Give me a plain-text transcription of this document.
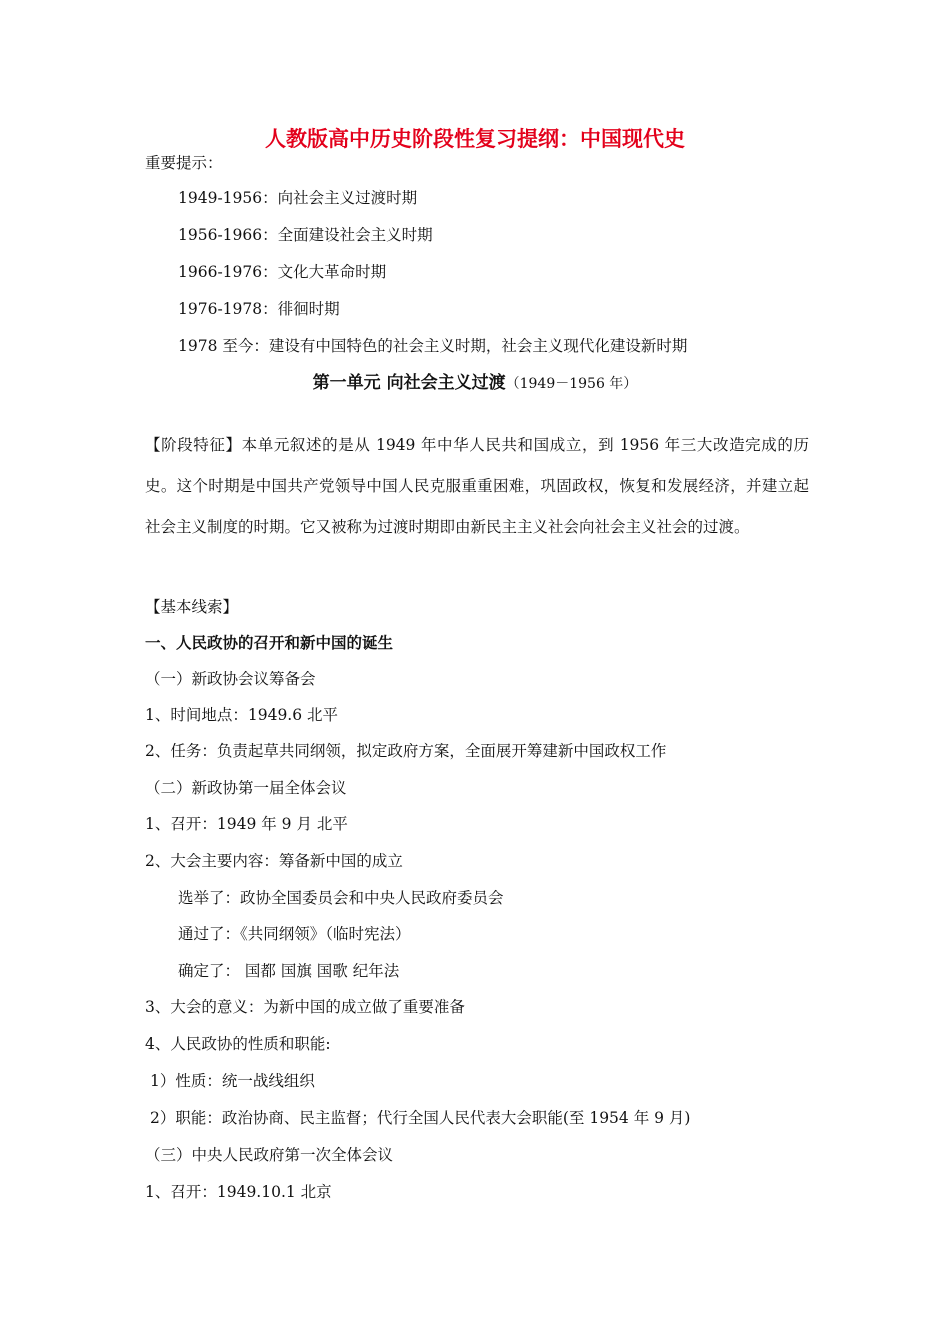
人教版高中历史阶段性复习提纲：中国现代史
重要提示：
1949-1956：向社会主义过渡时期
1956-1966：全面建设社会主义时期
1966-1976：文化大革命时期
1976-1978：徘徊时期
1978 至今：建设有中国特色的社会主义时期，社会主义现代化建设新时期
第一单元 向社会主义过渡（1949－1956 年）
【阶段特征】本单元叙述的是从 1949 年中华人民共和国成立，到 1956 年三大改造完成的历史。这个时期是中国共产党领导中国人民克服重重困难，巩固政权，恢复和发展经济，并建立起社会主义制度的时期。它又被称为过渡时期即由新民主主义社会向社会主义社会的过渡。
【基本线索】
一、人民政协的召开和新中国的诞生
（一）新政协会议筹备会
1、时间地点：1949.6 北平
2、任务：负责起草共同纲领，拟定政府方案，全面展开筹建新中国政权工作
（二）新政协第一届全体会议
1、召开：1949 年 9 月 北平
2、大会主要内容：筹备新中国的成立
选举了：政协全国委员会和中央人民政府委员会
通过了：《共同纲领》（临时宪法）
确定了： 国都 国旗 国歌 纪年法
3、大会的意义：为新中国的成立做了重要准备
4、人民政协的性质和职能:
1）性质：统一战线组织
2）职能：政治协商、民主监督；代行全国人民代表大会职能(至 1954 年 9 月)
（三）中央人民政府第一次全体会议
1、召开：1949.10.1 北京
